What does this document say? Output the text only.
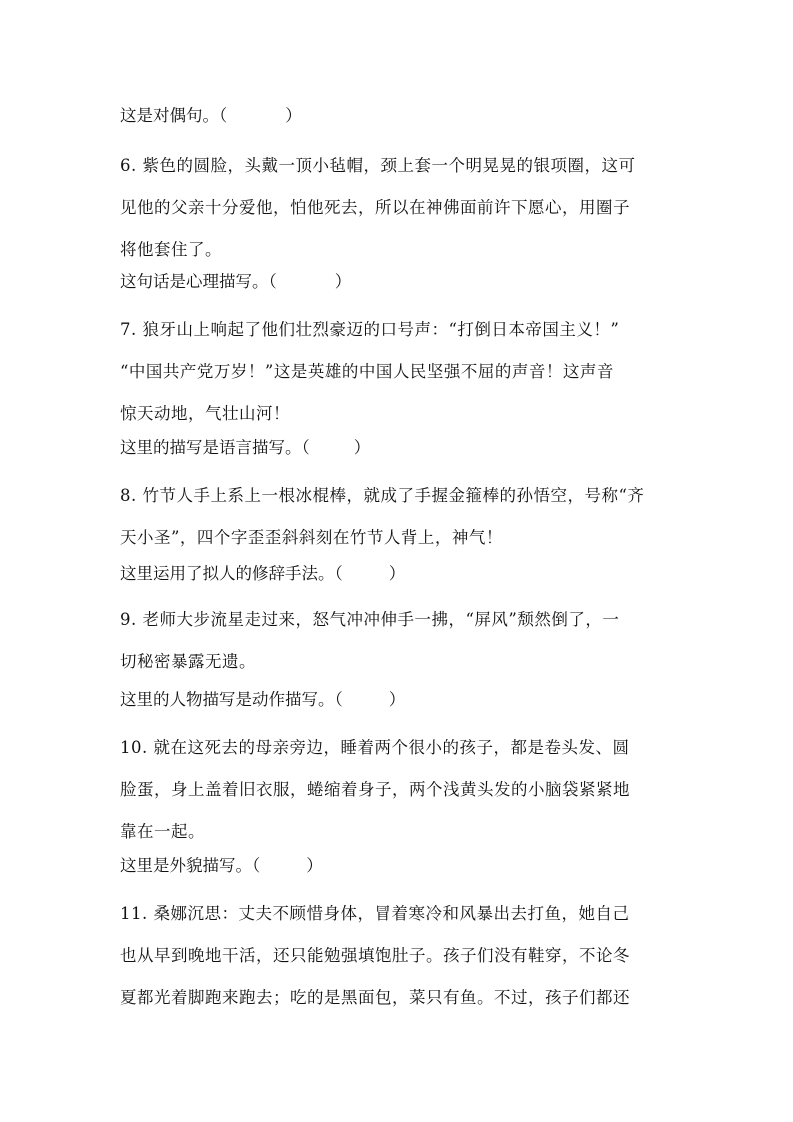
这是对偶句。（	）
6. 紫色的圆脸，头戴一顶小毡帽，颈上套一个明晃晃的银项圈，这可
见他的父亲十分爱他，怕他死去，所以在神佛面前许下愿心，用圈子
将他套住了。
这句话是心理描写。（	）
7. 狼牙山上响起了他们壮烈豪迈的口号声：“打倒日本帝国主义！”
“中国共产党万岁！”这是英雄的中国人民坚强不屈的声音！这声音
惊天动地，气壮山河！
这里的描写是语言描写。（	）
8. 竹节人手上系上一根冰棍棒，就成了手握金箍棒的孙悟空，号称“齐
天小圣”，四个字歪歪斜斜刻在竹节人背上，神气！
这里运用了拟人的修辞手法。（	）
9. 老师大步流星走过来，怒气冲冲伸手一拂，“屏风”颓然倒了，一
切秘密暴露无遗。
这里的人物描写是动作描写。（	）
10. 就在这死去的母亲旁边，睡着两个很小的孩子，都是卷头发、圆
脸蛋，身上盖着旧衣服，蜷缩着身子，两个浅黄头发的小脑袋紧紧地
靠在一起。
这里是外貌描写。（	）
11. 桑娜沉思：丈夫不顾惜身体，冒着寒冷和风暴出去打鱼，她自己
也从早到晚地干活，还只能勉强填饱肚子。孩子们没有鞋穿，不论冬
夏都光着脚跑来跑去；吃的是黑面包，菜只有鱼。不过，孩子们都还
